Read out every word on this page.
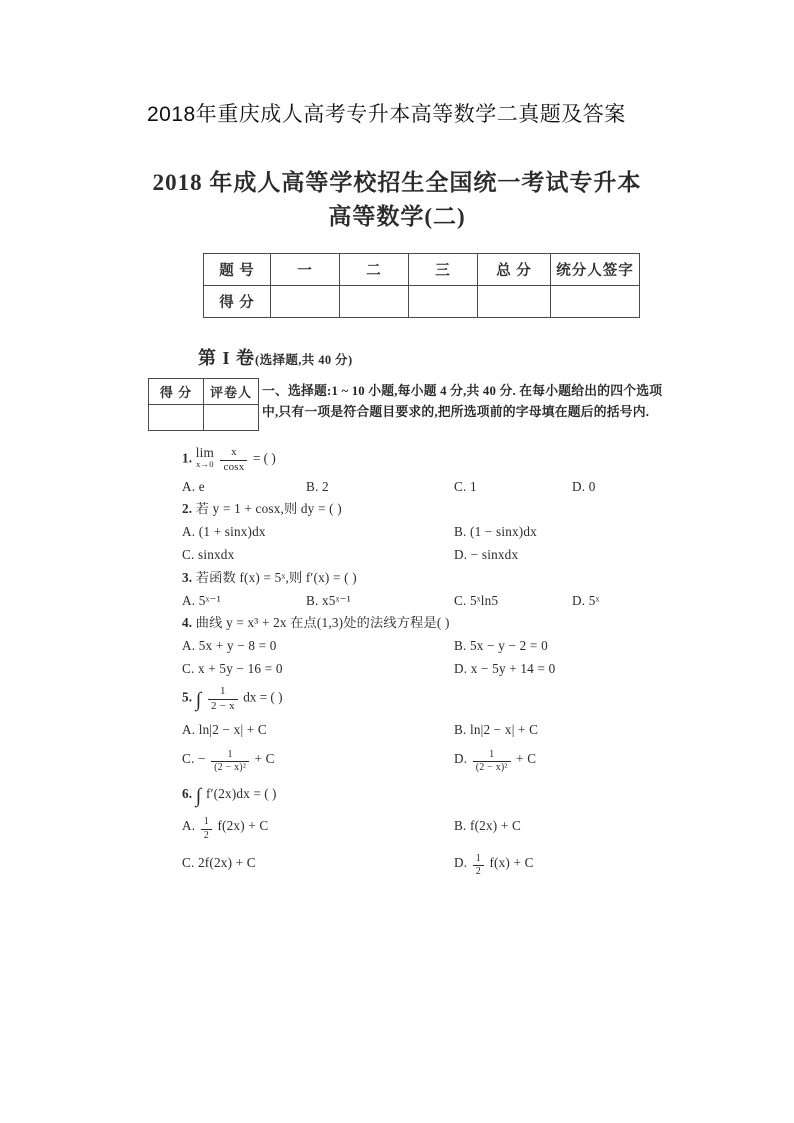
2018年重庆成人高考专升本高等数学二真题及答案
2018 年成人高等学校招生全国统一考试专升本
高等数学(二)
题 号	一	二	三	总 分	统分人签字
得 分					
第 I 卷(选择题,共 40 分)
得 分	评卷人
	一、选择题:1 ~ 10 小题,每小题 4 分,共 40 分. 在每小题给出的四个选项中,只有一项是符合题目要求的,把所选项前的字母填在题后的括号内.
1. lim
x→0
$\frac{x}{\cos x}$ = ( )
A. e	B. 2	C. 1	D. 0
2. 若 y = 1 + cosx,则 dy = ( )
A. (1 + sinx)dx	B. (1 − sinx)dx
C. sinxdx	D. − sinxdx
3. 若函数 f(x) = 5ˣ,则 f′(x) = ( )
A. 5ˣ⁻¹	B. x5ˣ⁻¹	C. 5ˣln5	D. 5ˣ
4. 曲线 y = x³ + 2x 在点(1,3)处的法线方程是( )
A. 5x + y − 8 = 0	B. 5x − y − 2 = 0
C. x + 5y − 16 = 0	D. x − 5y + 14 = 0
5. ∫ $\frac{1}{2 - x}$ dx = ( )
A. ln|2 − x| + C	B. ln|2 − x| + C
C. − $\frac{1}{\text{(2 − x)²}} + C$	D. $\frac{1}{\text{(2 − x)²}} + C$
6. ∫ f′(2x)dx = ( )
A. $\frac{1}{2} f(2x) + C$	B. f(2x) + C
C. 2f(2x) + C	D. $\frac{1}{2} f(x) + C$
